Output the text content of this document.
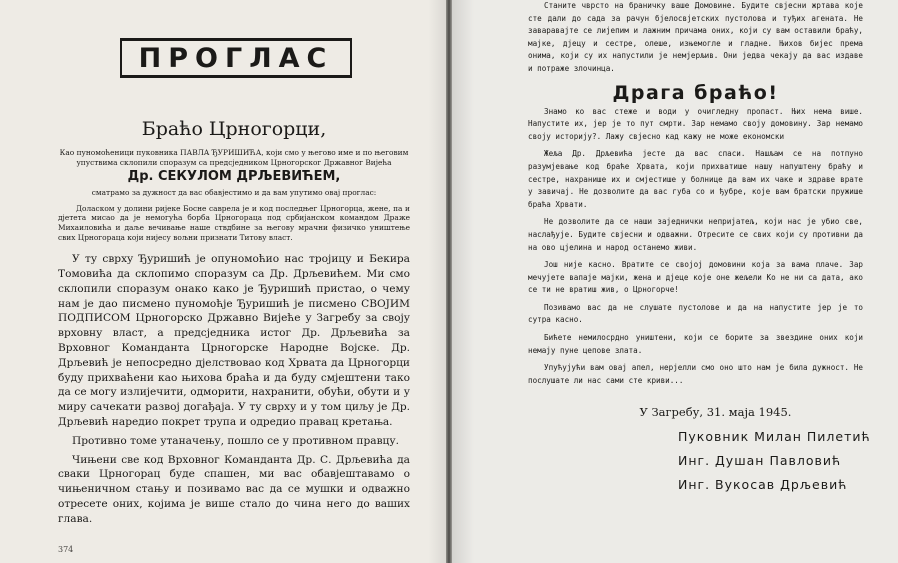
ПРОГЛАС
Браћо Црногорци,

Као пуномоћеници пуковника ПАВЛА ЂУРИШИЋА, који смо у његово име и по његовим упуствима склопили споразум са предсједником Црногорског Државног Вијећа

Др. СЕКУЛОМ ДРЉЕВИЋЕМ,

сматрамо за дужност да вас обавјестимо и да вам упутимо овај проглас:

Доласком у долини ријеке Босне саврела је и код последњег Црногорца, жене, па и дјетета мисао да је немогућа борба Црногораца под србијанском командом Драже Михаиловића и даље вечивање наше ствдбине за његову мрачни физичко уништење свих Црногораца који нијесу вољни признати Титову власт.

У ту сврху Ђуришић је опуномоћио нас тројицу и Бекира Томовића да склопимо споразум са Др. Дрљевићем. Ми смо склопили споразум онако како је Ђуришић пристао, о чему нам је дао писмено пуномоћје Ђуришић је писмено СВОЈИМ ПОДПИСОМ Црногорско Државно Вијеће у Загребу за своју врховну власт, а предсједника истог Др. Дрљевића за Врховног Команданта Црногорске Народне Војске. Др. Дрљевић је непосредно дјелствовао код Хрвата да Црногорци буду прихваћени као њихова браћа и да буду смјештени тако да се могу излијечити, одморити, нахранити, обући, обути и у миру сачекати развој догађаја. У ту сврху и у том циљу је Др. Дрљевић наредио покрет трупа и одредио правац кретања.

Противно томе утаначењу, пошло се у противном правцу.

Чињени све код Врховног Команданта Др. С. Дрљевића да сваки Црногорац буде спашен, ми вас обавјештавамо о чињеничном стању и позивамо вас да се мушки и одважно отресете оних, којима је више стало до чина него до ваших глава.

374

Станите чврсто на браничку ваше Домовине. Будите свјесни жртава које сте дали до сада за рачун бјелосвјетских пустолова и туђих агената. Не заваравајте се лијепим и лажним причама оних, који су вам оставили браћу, мајке, дјецу и сестре, олеше, изњемогле и гладне. Њихов бијес према онима, који су их напустили је немјерљив. Они једва чекају да вас издаве и потраже злочинца.

Драга браћо!

Знамо ко вас стеже и води у очигледну пропаст. Њих нема више. Напустите их, јер је то пут смрти. Зар немамо своју домовину. Зар немамо своју историју?. Лажу свјесно кад кажу не може економски

Жеља Др. Дрљевића јесте да вас спаси. Нашљам се на потпуно разумјевање код браће Хрвата, који прихватише нашу напуштену браћу и сестре, нахранише их и смјестише у болнице да вам их чаке и здраве врате у завичај. Не дозволите да вас губа со и ђубре, које вам братски пружише браћа Хрвати.

Не дозволите да се наши заједнички непријатељ, који нас је убио све, наслађује. Будите свјесни и одважни. Отресите се свих који су противни да на ово цјелина и народ останемо живи.

Још није касно. Вратите се својој домовини која за вама плаче. Зар мечујете вапаје мајки, жена и дјеце које оне жељели Ко не ни са дата, ако се ти не вратиш жив, о Црногорче!

Позивамо вас да не слушате пустолове и да на напустите јер је то сутра касно.

Бићете немилосрдно уништени, који се борите за звездине оних који немају пуне цепове злата.

Упућујући вам овај апел, нерјелли смо оно што нам је била дужност. Не послушате ли нас сами сте криви...

У Загребу, 31. маја 1945.
Пуковник Милан Пилетић
Инг. Душан Павловић
Инг. Вукосав Дрљевић
